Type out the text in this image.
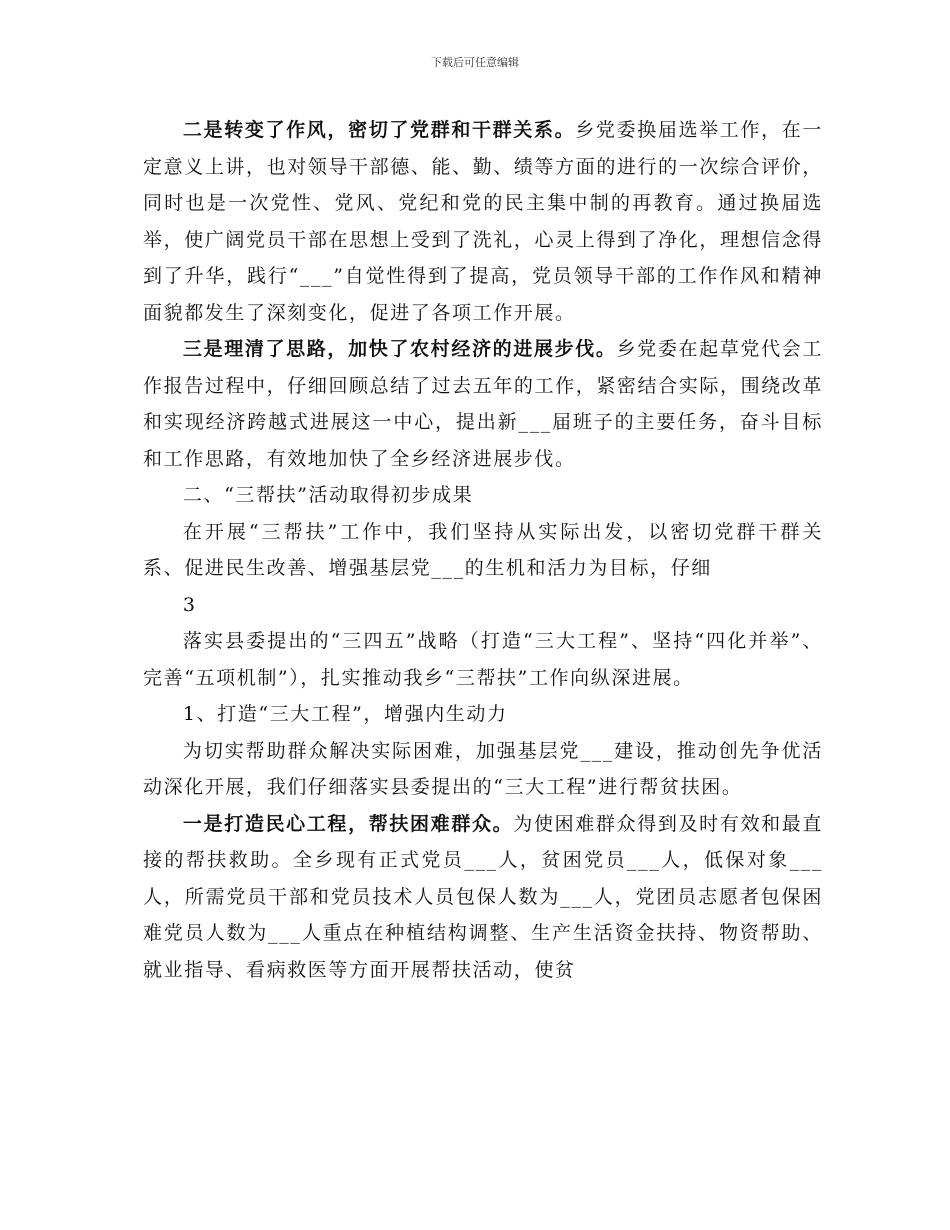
下载后可任意编辑

二是转变了作风，密切了党群和干群关系。乡党委换届选举工作，在一定意义上讲，也对领导干部德、能、勤、绩等方面的进行的一次综合评价，同时也是一次党性、党风、党纪和党的民主集中制的再教育。通过换届选举，使广阔党员干部在思想上受到了洗礼，心灵上得到了净化，理想信念得到了升华，践行“___”自觉性得到了提高，党员领导干部的工作作风和精神面貌都发生了深刻变化，促进了各项工作开展。

三是理清了思路，加快了农村经济的进展步伐。乡党委在起草党代会工作报告过程中，仔细回顾总结了过去五年的工作，紧密结合实际，围绕改革和实现经济跨越式进展这一中心，提出新___届班子的主要任务，奋斗目标和工作思路，有效地加快了全乡经济进展步伐。

二、“三帮扶”活动取得初步成果

在开展“三帮扶”工作中，我们坚持从实际出发，以密切党群干群关系、促进民生改善、增强基层党___的生机和活力为目标，仔细

3

落实县委提出的“三四五”战略（打造“三大工程”、坚持“四化并举”、完善“五项机制”），扎实推动我乡“三帮扶”工作向纵深进展。

1、打造“三大工程”，增强内生动力

为切实帮助群众解决实际困难，加强基层党___建设，推动创先争优活动深化开展，我们仔细落实县委提出的“三大工程”进行帮贫扶困。

一是打造民心工程，帮扶困难群众。为使困难群众得到及时有效和最直接的帮扶救助。全乡现有正式党员___人，贫困党员___人，低保对象___人，所需党员干部和党员技术人员包保人数为___人，党团员志愿者包保困难党员人数为___人重点在种植结构调整、生产生活资金扶持、物资帮助、就业指导、看病救医等方面开展帮扶活动，使贫
